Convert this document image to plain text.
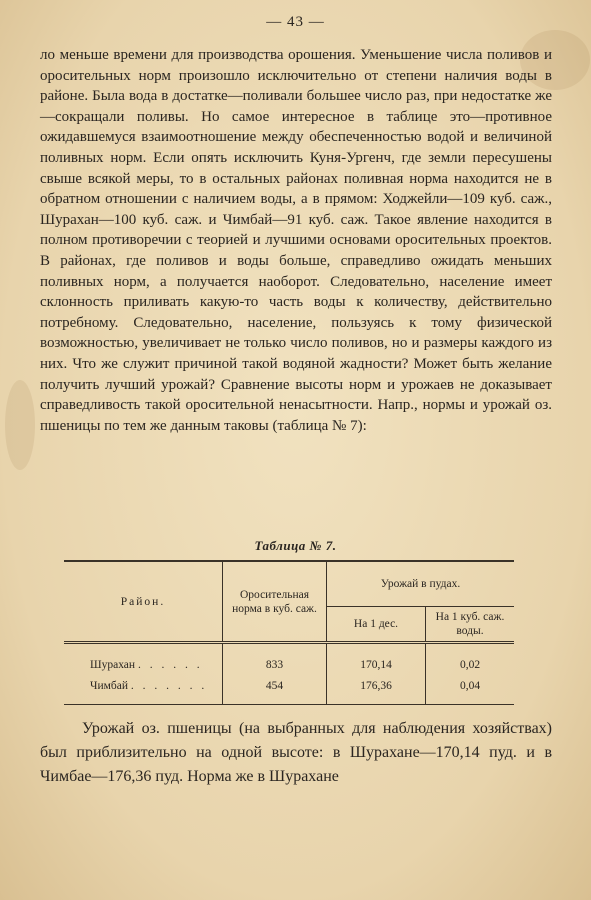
— 43 —

ло меньше времени для производства орошения. Уменьшение числа поливов и оросительных норм произошло исключительно от степени наличия воды в районе. Была вода в достатке—поливали большее число раз, при недостатке же—сокращали поливы. Но самое интересное в таблице это—противное ожидавшемуся взаимоотношение между обеспеченностью водой и величиной поливных норм. Если опять исключить Куня-Ургенч, где земли пересушены свыше всякой меры, то в остальных районах поливная норма находится не в обратном отношении с наличием воды, а в прямом: Ходжейли—109 куб. саж., Шурахан—100 куб. саж. и Чимбай—91 куб. саж. Такое явление находится в полном противоречии с теорией и лучшими основами оросительных проектов. В районах, где поливов и воды больше, справедливо ожидать меньших поливных норм, а получается наоборот. Следовательно, население имеет склонность приливать какую-то часть воды к количеству, действительно потребному. Следовательно, население, пользуясь к тому физической возможностью, увеличивает не только число поливов, но и размеры каждого из них. Что же служит причиной такой водяной жадности? Может быть желание получить лучший урожай? Сравнение высоты норм и урожаев не доказывает справедливость такой оросительной ненасытности. Напр., нормы и урожай оз. пшеницы по тем же данным таковы (таблица № 7):

Таблица № 7.
Район.	Оросительная норма в куб. саж.	Урожай в пудах.	
		На 1 дес.	На 1 куб. саж. воды.
Шурахан . . . . . .	833	170,14	0,02
Чимбай . . . . . . .	454	176,36	0,04

Урожай оз. пшеницы (на выбранных для наблюдения хозяйствах) был приблизительно на одной высоте: в Шурахане—170,14 пуд. и в Чимбае—176,36 пуд. Норма же в Шурахане
